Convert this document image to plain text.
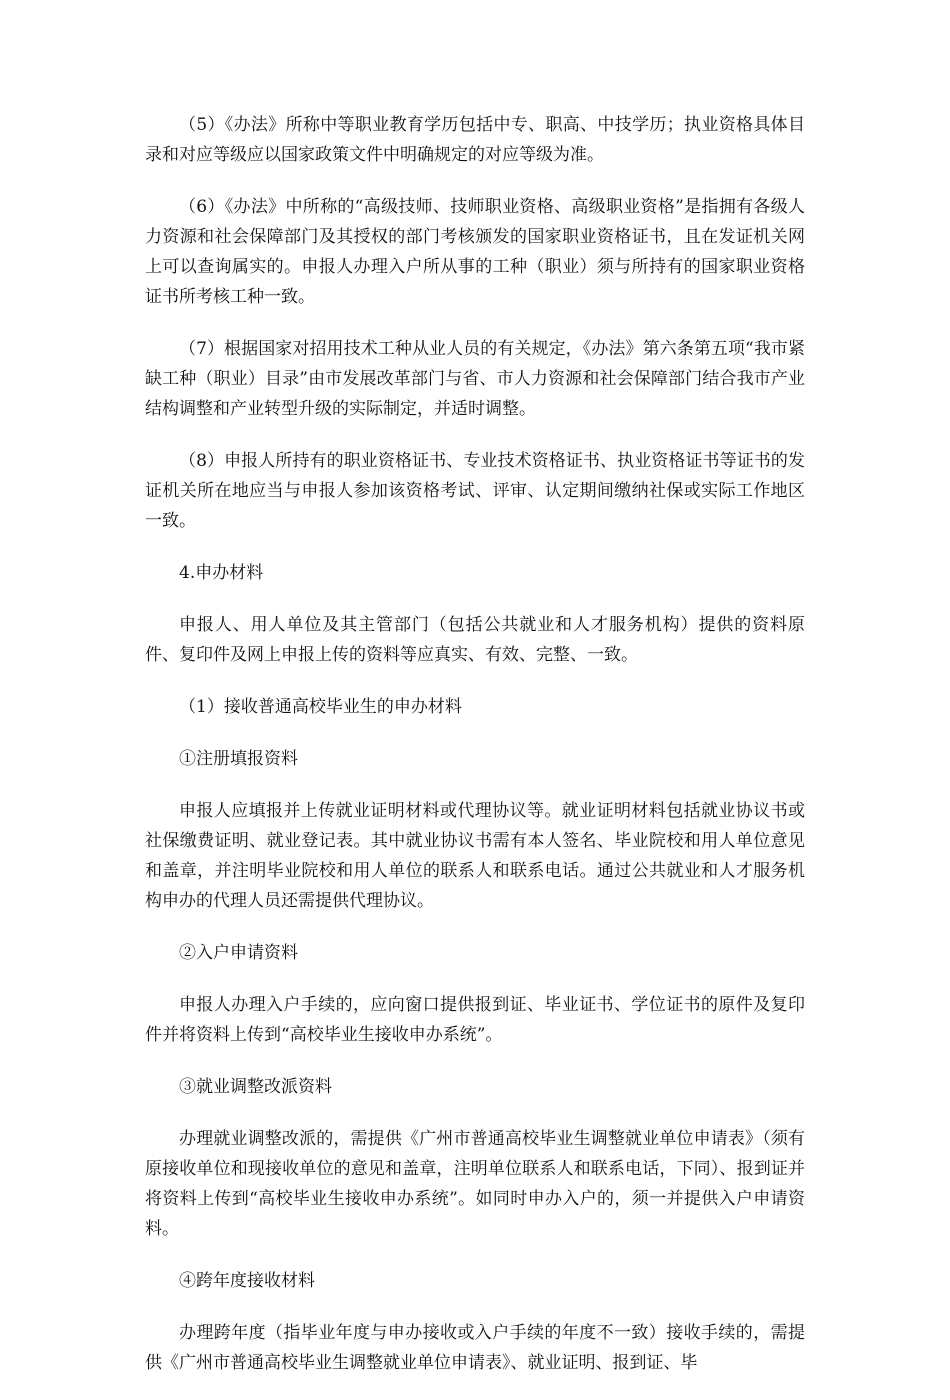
（5）《办法》所称中等职业教育学历包括中专、职高、中技学历；执业资格具体目录和对应等级应以国家政策文件中明确规定的对应等级为准。

（6）《办法》中所称的“高级技师、技师职业资格、高级职业资格”是指拥有各级人力资源和社会保障部门及其授权的部门考核颁发的国家职业资格证书，且在发证机关网上可以查询属实的。申报人办理入户所从事的工种（职业）须与所持有的国家职业资格证书所考核工种一致。

（7）根据国家对招用技术工种从业人员的有关规定，《办法》第六条第五项“我市紧缺工种（职业）目录”由市发展改革部门与省、市人力资源和社会保障部门结合我市产业结构调整和产业转型升级的实际制定，并适时调整。

（8）申报人所持有的职业资格证书、专业技术资格证书、执业资格证书等证书的发证机关所在地应当与申报人参加该资格考试、评审、认定期间缴纳社保或实际工作地区一致。

4.申办材料

申报人、用人单位及其主管部门（包括公共就业和人才服务机构）提供的资料原件、复印件及网上申报上传的资料等应真实、有效、完整、一致。

（1）接收普通高校毕业生的申办材料

①注册填报资料

申报人应填报并上传就业证明材料或代理协议等。就业证明材料包括就业协议书或社保缴费证明、就业登记表。其中就业协议书需有本人签名、毕业院校和用人单位意见和盖章，并注明毕业院校和用人单位的联系人和联系电话。通过公共就业和人才服务机构申办的代理人员还需提供代理协议。

②入户申请资料

申报人办理入户手续的，应向窗口提供报到证、毕业证书、学位证书的原件及复印件并将资料上传到“高校毕业生接收申办系统”。

③就业调整改派资料

办理就业调整改派的，需提供《广州市普通高校毕业生调整就业单位申请表》（须有原接收单位和现接收单位的意见和盖章，注明单位联系人和联系电话，下同）、报到证并将资料上传到“高校毕业生接收申办系统”。如同时申办入户的，须一并提供入户申请资料。

④跨年度接收材料

办理跨年度（指毕业年度与申办接收或入户手续的年度不一致）接收手续的，需提供《广州市普通高校毕业生调整就业单位申请表》、就业证明、报到证、毕
